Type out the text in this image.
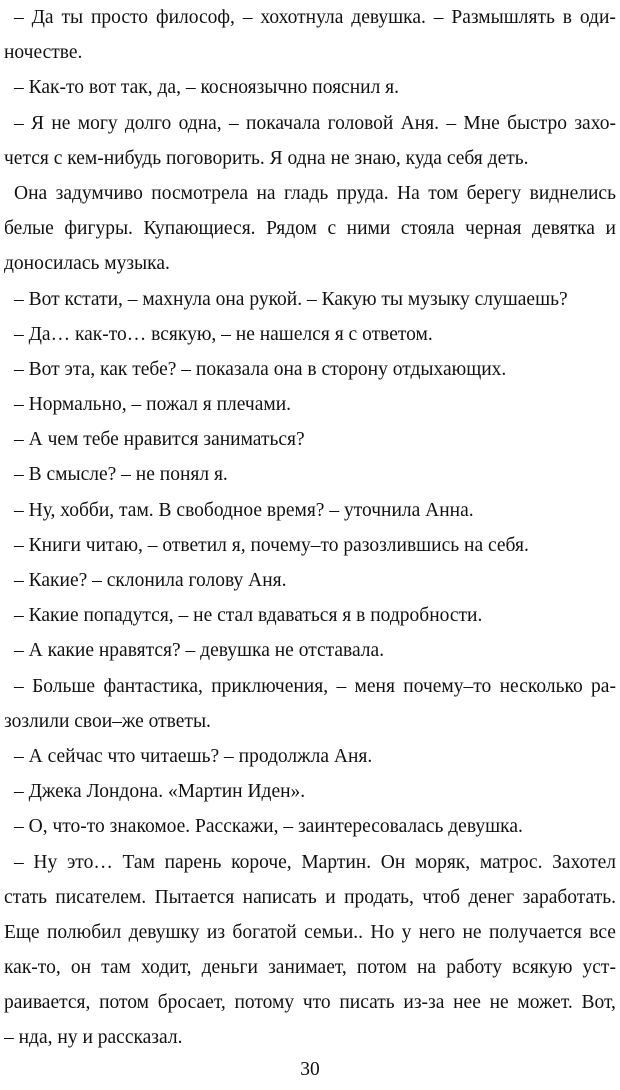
– Да ты просто философ, – хохотнула девушка. – Размышлять в оди-
ночестве.
– Как-то вот так, да, – косноязычно пояснил я.
– Я не могу долго одна, – покачала головой Аня. – Мне быстро захо-
чется с кем-нибудь поговорить. Я одна не знаю, куда себя деть.
Она задумчиво посмотрела на гладь пруда. На том берегу виднелись
белые фигуры. Купающиеся. Рядом с ними стояла черная девятка и
доносилась музыка.
– Вот кстати, – махнула она рукой. – Какую ты музыку слушаешь?
– Да… как-то… всякую, – не нашелся я с ответом.
– Вот эта, как тебе? – показала она в сторону отдыхающих.
– Нормально, – пожал я плечами.
– А чем тебе нравится заниматься?
– В смысле? – не понял я.
– Ну, хобби, там. В свободное время? – уточнила Анна.
– Книги читаю, – ответил я, почему–то разозлившись на себя.
– Какие? – склонила голову Аня.
– Какие попадутся, – не стал вдаваться я в подробности.
– А какие нравятся? – девушка не отставала.
– Больше фантастика, приключения, – меня почему–то несколько ра-
зозлили свои–же ответы.
– А сейчас что читаешь? – продолжла Аня.
– Джека Лондона. «Мартин Иден».
– О, что-то знакомое. Расскажи, – заинтересовалась девушка.
– Ну это… Там парень короче, Мартин. Он моряк, матрос. Захотел
стать писателем. Пытается написать и продать, чтоб денег заработать.
Еще полюбил девушку из богатой семьи.. Но у него не получается все
как-то, он там ходит, деньги занимает, потом на работу всякую уст-
раивается, потом бросает, потому что писать из-за нее не может. Вот,
– нда, ну и рассказал.
30
